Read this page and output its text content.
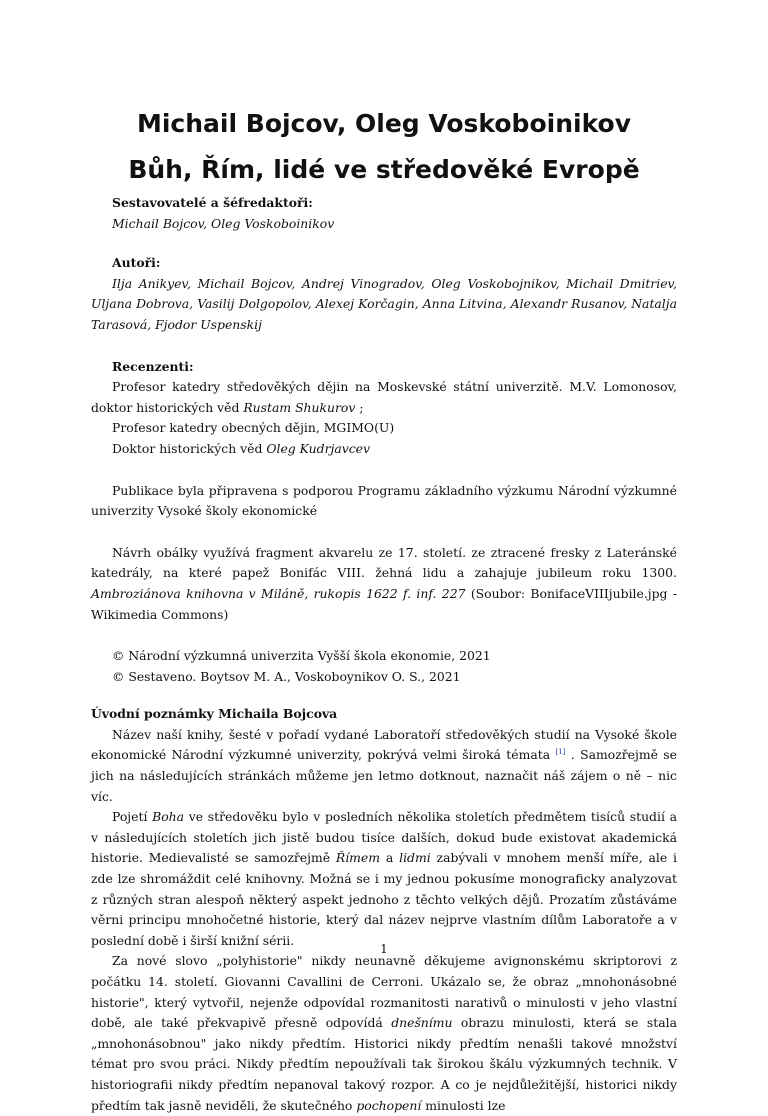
Michail Bojcov, Oleg Voskoboinikov
Bůh, Řím, lidé ve středověké Evropě

Sestavovatelé a šéfredaktoři:

Michail Bojcov, Oleg Voskoboinikov

Autoři:

Ilja Anikyev, Michail Bojcov, Andrej Vinogradov, Oleg Voskobojnikov, Michail Dmitriev, Uljana Dobrova, Vasilij Dolgopolov, Alexej Korčagin, Anna Litvina, Alexandr Rusanov, Natalja Tarasová, Fjodor Uspenskij

Recenzenti:

Profesor katedry středověkých dějin na Moskevské státní univerzitě. M.V. Lomonosov, doktor historických věd Rustam Shukurov ;

Profesor katedry obecných dějin, MGIMO(U)

Doktor historických věd Oleg Kudrjavcev

Publikace byla připravena s podporou Programu základního výzkumu Národní výzkumné univerzity Vysoké školy ekonomické

Návrh obálky využívá fragment akvarelu ze 17. století. ze ztracené fresky z Lateránské katedrály, na které papež Bonifác VIII. žehná lidu a zahajuje jubileum roku 1300. Ambroziánova knihovna v Miláně, rukopis 1622 f. inf. 227 (Soubor: BonifaceVIIIjubile.jpg - Wikimedia Commons)

© Národní výzkumná univerzita Vyšší škola ekonomie, 2021

© Sestaveno. Boytsov M. A., Voskoboynikov O. S., 2021

Úvodní poznámky Michaila Bojcova

Název naší knihy, šesté v pořadí vydané Laboratoří středověkých studií na Vysoké škole ekonomické Národní výzkumné univerzity, pokrývá velmi široká témata [1] . Samozřejmě se jich na následujících stránkách můžeme jen letmo dotknout, naznačit náš zájem o ně – nic víc.

Pojetí Boha ve středověku bylo v posledních několika stoletích předmětem tisíců studií a v následujících stoletích jich jistě budou tisíce dalších, dokud bude existovat akademická historie. Medievalisté se samozřejmě Římem a lidmi zabývali v mnohem menší míře, ale i zde lze shromáždit celé knihovny. Možná se i my jednou pokusíme monograficky analyzovat z různých stran alespoň některý aspekt jednoho z těchto velkých dějů. Prozatím zůstáváme věrni principu mnohočetné historie, který dal název nejprve vlastním dílům Laboratoře a v poslední době i širší knižní sérii.

Za nové slovo „polyhistorie" nikdy neunavně děkujeme avignonskému skriptorovi z počátku 14. století. Giovanni Cavallini de Cerroni. Ukázalo se, že obraz „mnohonásobné historie", který vytvořil, nejenže odpovídal rozmanitosti narativů o minulosti v jeho vlastní době, ale také překvapivě přesně odpovídá dnešnímu obrazu minulosti, která se stala „mnohonásobnou" jako nikdy předtím. Historici nikdy předtím nenašli takové množství témat pro svou práci. Nikdy předtím nepoužívali tak širokou škálu výzkumných technik. V historiografii nikdy předtím nepanoval takový rozpor. A co je nejdůležitější, historici nikdy předtím tak jasně neviděli, že skutečného pochopení minulosti lze

1
